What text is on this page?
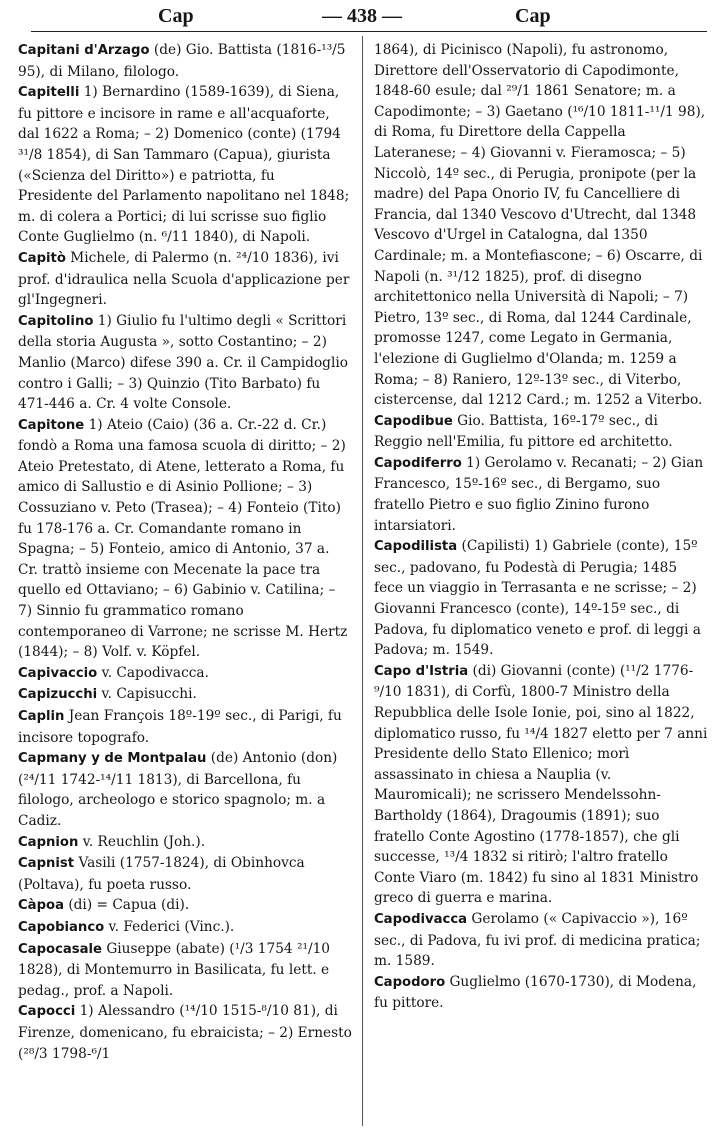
Cap	— 438 —	Cap

Capitani d'Arzago (de) Gio. Battista (1816-¹³/5 95), di Milano, filologo.

Capitelli 1) Bernardino (1589-1639), di Siena, fu pittore e incisore in rame e all'acquaforte, dal 1622 a Roma; – 2) Domenico (conte) (1794 ³¹/8 1854), di San Tammaro (Capua), giurista («Scienza del Diritto») e patriotta, fu Presidente del Parlamento napolitano nel 1848; m. di colera a Portici; di lui scrisse suo figlio Conte Guglielmo (n. ⁶/11 1840), di Napoli.

Capitò Michele, di Palermo (n. ²⁴/10 1836), ivi prof. d'idraulica nella Scuola d'applicazione per gl'Ingegneri.

Capitolino 1) Giulio fu l'ultimo degli « Scrittori della storia Augusta », sotto Costantino; – 2) Manlio (Marco) difese 390 a. Cr. il Campidoglio contro i Galli; – 3) Quinzio (Tito Barbato) fu 471-446 a. Cr. 4 volte Console.

Capitone 1) Ateio (Caio) (36 a. Cr.-22 d. Cr.) fondò a Roma una famosa scuola di diritto; – 2) Ateio Pretestato, di Atene, letterato a Roma, fu amico di Sallustio e di Asinio Pollione; – 3) Cossuziano v. Peto (Trasea); – 4) Fonteio (Tito) fu 178-176 a. Cr. Comandante romano in Spagna; – 5) Fonteio, amico di Antonio, 37 a. Cr. trattò insieme con Mecenate la pace tra quello ed Ottaviano; – 6) Gabinio v. Catilina; – 7) Sinnio fu grammatico romano contemporaneo di Varrone; ne scrisse M. Hertz (1844); – 8) Volf. v. Köpfel.

Capivaccio v. Capodivacca.

Capizucchi v. Capisucchi.

Caplin Jean François 18º-19º sec., di Parigi, fu incisore topografo.

Capmany y de Montpalau (de) Antonio (don) (²⁴/11 1742-¹⁴/11 1813), di Barcellona, fu filologo, archeologo e storico spagnolo; m. a Cadiz.

Capnion v. Reuchlin (Joh.).

Capnist Vasili (1757-1824), di Obinhovca (Poltava), fu poeta russo.

Càpoa (di) = Capua (di).

Capobianco v. Federici (Vinc.).

Capocasale Giuseppe (abate) (¹/3 1754 ²¹/10 1828), di Montemurro in Basilicata, fu lett. e pedag., prof. a Napoli.

Capocci 1) Alessandro (¹⁴/10 1515-⁸/10 81), di Firenze, domenicano, fu ebraicista; – 2) Ernesto (²⁸/3 1798-⁶/1

1864), di Picinisco (Napoli), fu astronomo, Direttore dell'Osservatorio di Capodimonte, 1848-60 esule; dal ²⁹/1 1861 Senatore; m. a Capodimonte; – 3) Gaetano (¹⁶/10 1811-¹¹/1 98), di Roma, fu Direttore della Cappella Lateranese; – 4) Giovanni v. Fieramosca; – 5) Niccolò, 14º sec., di Perugia, pronipote (per la madre) del Papa Onorio IV, fu Cancelliere di Francia, dal 1340 Vescovo d'Utrecht, dal 1348 Vescovo d'Urgel in Catalogna, dal 1350 Cardinale; m. a Montefiascone; – 6) Oscarre, di Napoli (n. ³¹/12 1825), prof. di disegno architettonico nella Università di Napoli; – 7) Pietro, 13º sec., di Roma, dal 1244 Cardinale, promosse 1247, come Legato in Germania, l'elezione di Guglielmo d'Olanda; m. 1259 a Roma; – 8) Raniero, 12º-13º sec., di Viterbo, cistercense, dal 1212 Card.; m. 1252 a Viterbo.

Capodibue Gio. Battista, 16º-17º sec., di Reggio nell'Emilia, fu pittore ed architetto.

Capodiferro 1) Gerolamo v. Recanati; – 2) Gian Francesco, 15º-16º sec., di Bergamo, suo fratello Pietro e suo figlio Zinino furono intarsiatori.

Capodilista (Capilisti) 1) Gabriele (conte), 15º sec., padovano, fu Podestà di Perugia; 1485 fece un viaggio in Terrasanta e ne scrisse; – 2) Giovanni Francesco (conte), 14º-15º sec., di Padova, fu diplomatico veneto e prof. di leggi a Padova; m. 1549.

Capo d'Istria (di) Giovanni (conte) (¹¹/2 1776-⁹/10 1831), di Corfù, 1800-7 Ministro della Repubblica delle Isole Ionie, poi, sino al 1822, diplomatico russo, fu ¹⁴/4 1827 eletto per 7 anni Presidente dello Stato Ellenico; morì assassinato in chiesa a Nauplia (v. Mauromicali); ne scrissero Mendelssohn-Bartholdy (1864), Dragoumis (1891); suo fratello Conte Agostino (1778-1857), che gli successe, ¹³/4 1832 si ritirò; l'altro fratello Conte Viaro (m. 1842) fu sino al 1831 Ministro greco di guerra e marina.

Capodivacca Gerolamo (« Capivaccio »), 16º sec., di Padova, fu ivi prof. di medicina pratica; m. 1589.

Capodoro Guglielmo (1670-1730), di Modena, fu pittore.
